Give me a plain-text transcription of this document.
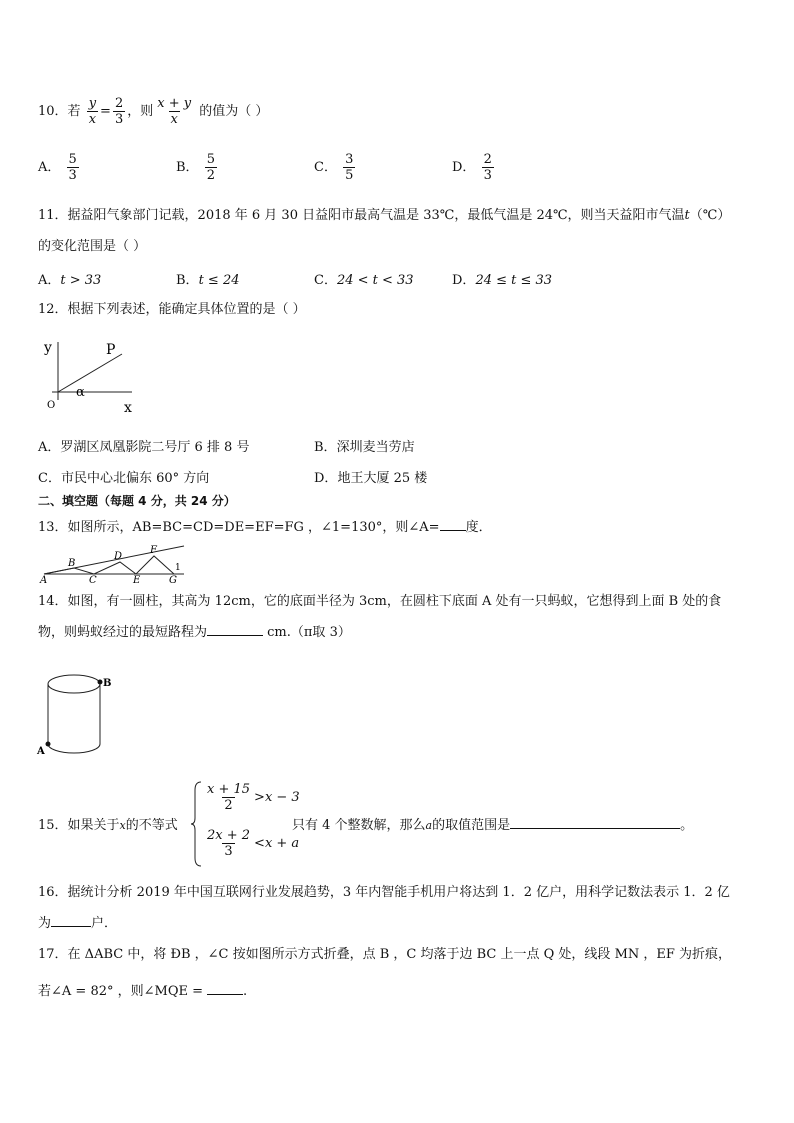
10．若 $\frac{y}{x} = \frac{2}{3}$ ，则 $\frac{x + y}{x}$ 的值为（ ）
A． $\frac{5}{3}$	B． $\frac{5}{2}$	C． $\frac{3}{5}$	D． $\frac{2}{3}$
11．据益阳气象部门记载，2018 年 6 月 30 日益阳市最高气温是 33℃，最低气温是 24℃，则当天益阳市气温t（℃）
的变化范围是（ ）
A．t > 33	B．t ≤ 24	C．24 < t < 33	D．24 ≤ t ≤ 33
12．根据下列表述，能确定具体位置的是（ ）
y	P
α
O	x
A．罗湖区凤凰影院二号厅 6 排 8 号	B．深圳麦当劳店
C．市民中心北偏东 60° 方向	D．地王大厦 25 楼
二、填空题（每题 4 分，共 24 分）
13．如图所示，AB=BC=CD=DE=EF=FG ，∠1=130°，则∠A= 度．
A
B
C
D
E
F
G
1
14．如图，有一圆柱，其高为 12cm，它的底面半径为 3cm，在圆柱下底面 A 处有一只蚂蚁，它想得到上面 B 处的食
物，则蚂蚁经过的最短路程为	cm.（π取 3）
B
A
15．如果关于x的不等式
$\frac{x + 15}{2} >x - 3$
$\frac{2x + 2}{3} <x + a$
只有 4 个整数解，那么a的取值范围是	。
16．据统计分析 2019 年中国互联网行业发展趋势，3 年内智能手机用户将达到 1．2 亿户，用科学记数法表示 1．2 亿
为	户．
17．在 ΔABC 中，将 ÐB ，∠C 按如图所示方式折叠，点 B ，C 均落于边 BC 上一点 Q 处，线段 MN ，EF 为折痕，
若∠A = 82° ，则∠MQE =	.
